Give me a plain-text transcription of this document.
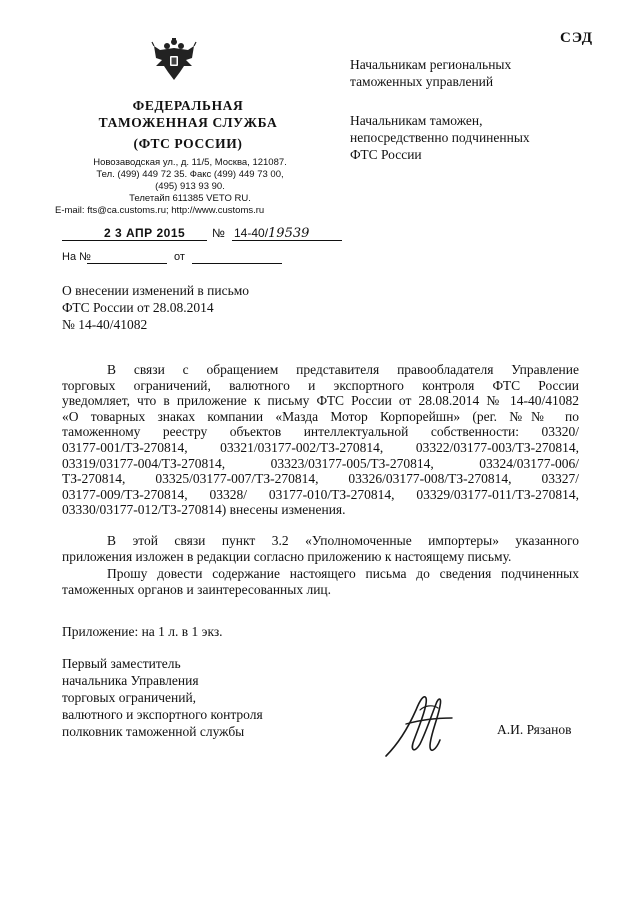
СЭД
ФЕДЕРАЛЬНАЯ
ТАМОЖЕННАЯ СЛУЖБА
(ФТС РОССИИ)
Новозаводская ул., д. 11/5, Москва, 121087.
Тел. (499) 449 72 35. Факс (499) 449 73 00,
(495) 913 93 90.
Телетайп 611385 VETO RU.
E-mail: fts@ca.customs.ru; http://www.customs.ru
2 3 АПР 2015 № 14-40/19539
На №	от
Начальникам региональных
таможенных управлений
Начальникам таможен,
непосредственно подчиненных
ФТС России
О внесении изменений в письмо
ФТС России от 28.08.2014
№ 14-40/41082
В связи с обращением представителя правообладателя Управление
торговых ограничений, валютного и экспортного контроля ФТС России
уведомляет, что в приложение к письму ФТС России от 28.08.2014 № 14-40/41082
«О товарных знаках компании «Мазда Мотор Корпорейшн» (рег. №№ по
таможенному реестру объектов интеллектуальной собственности: 03320/
03177-001/ТЗ-270814, 03321/03177-002/ТЗ-270814, 03322/03177-003/ТЗ-270814,
03319/03177-004/ТЗ-270814, 03323/03177-005/ТЗ-270814, 03324/03177-006/
ТЗ-270814, 03325/03177-007/ТЗ-270814, 03326/03177-008/ТЗ-270814, 03327/
03177-009/ТЗ-270814, 03328/ 03177-010/ТЗ-270814, 03329/03177-011/ТЗ-270814,
03330/03177-012/ТЗ-270814) внесены изменения.
В этой связи пункт 3.2 «Уполномоченные импортеры» указанного
приложения изложен в редакции согласно приложению к настоящему письму.
Прошу довести содержание настоящего письма до сведения подчиненных
таможенных органов и заинтересованных лиц.
Приложение: на 1 л. в 1 экз.
Первый заместитель
начальника Управления
торговых ограничений,
валютного и экспортного контроля
полковник таможенной службы	А.И. Рязанов
